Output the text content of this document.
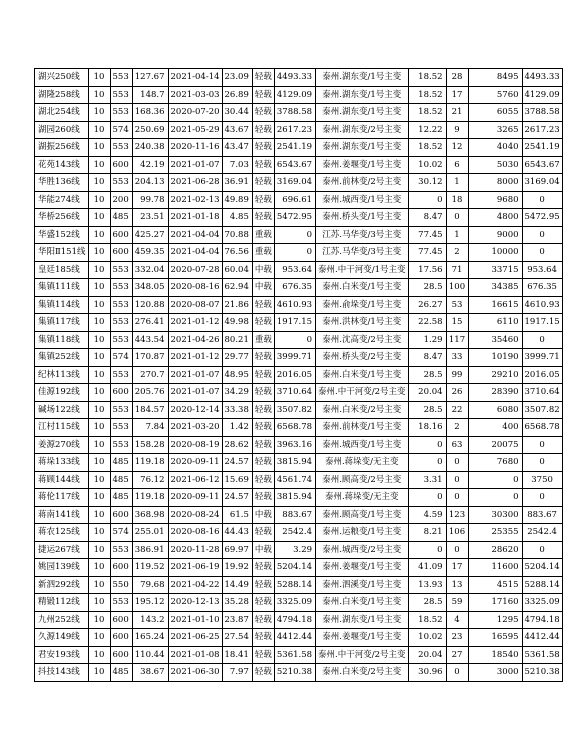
湖兴250线	10	553	127.67	2021-04-14	23.09	轻载	4493.33	泰州.湖东变/1号主变	18.52	28	8495	4493.33
湖隆258线	10	553	148.7	2021-03-03	26.89	轻载	4129.09	泰州.湖东变/1号主变	18.52	17	5760	4129.09
湖北254线	10	553	168.36	2020-07-20	30.44	轻载	3788.58	泰州.湖东变/1号主变	18.52	21	6055	3788.58
湖园260线	10	574	250.69	2021-05-29	43.67	轻载	2617.23	泰州.湖东变/2号主变	12.22	9	3265	2617.23
湖振256线	10	553	240.38	2020-11-16	43.47	轻载	2541.19	泰州.湖东变/1号主变	18.52	12	4040	2541.19
花苑143线	10	600	42.19	2021-01-07	7.03	轻载	6543.67	泰州.姜堰变/1号主变	10.02	6	5030	6543.67
华胜136线	10	553	204.13	2021-06-28	36.91	轻载	3169.04	泰州.前林变/2号主变	30.12	1	8000	3169.04
华能274线	10	200	99.78	2021-02-13	49.89	轻载	696.61	泰州.城西变/1号主变	0	18	9680	0
华桥256线	10	485	23.51	2021-01-18	4.85	轻载	5472.95	泰州.桥头变/1号主变	8.47	0	4800	5472.95
华盛152线	10	600	425.27	2021-04-04	70.88	重载	0	江苏.马华变/3号主变	77.45	1	9000	0
华阳Ⅱ151线	10	600	459.35	2021-04-04	76.56	重载	0	江苏.马华变/3号主变	77.45	2	10000	0
皇廷185线	10	553	332.04	2020-07-28	60.04	中载	953.64	泰州.中干河变/1号主变	17.56	71	33715	953.64
集镇111线	10	553	348.05	2020-08-16	62.94	中载	676.35	泰州.白米变/1号主变	28.5	100	34385	676.35
集镇114线	10	553	120.88	2020-08-07	21.86	轻载	4610.93	泰州.俞垛变/1号主变	26.27	53	16615	4610.93
集镇117线	10	553	276.41	2021-01-12	49.98	轻载	1917.15	泰州.洪林变/1号主变	22.58	15	6110	1917.15
集镇118线	10	553	443.54	2021-04-26	80.21	重载	0	泰州.沈高变/2号主变	1.29	117	35460	0
集镇252线	10	574	170.87	2021-01-12	29.77	轻载	3999.71	泰州.桥头变/2号主变	8.47	33	10190	3999.71
纪林113线	10	553	270.7	2021-01-07	48.95	轻载	2016.05	泰州.白米变/1号主变	28.5	99	29210	2016.05
佳源192线	10	600	205.76	2021-01-07	34.29	轻载	3710.64	泰州.中干河变/2号主变	20.04	26	28390	3710.64
碱场122线	10	553	184.57	2020-12-14	33.38	轻载	3507.82	泰州.白米变/2号主变	28.5	22	6080	3507.82
江村115线	10	553	7.84	2021-03-20	1.42	轻载	6568.78	泰州.前林变/1号主变	18.16	2	400	6568.78
姜源270线	10	553	158.28	2020-08-19	28.62	轻载	3963.16	泰州.城西变/1号主变	0	63	20075	0
蒋垛133线	10	485	119.18	2020-09-11	24.57	轻载	3815.94	泰州.蒋垛变/无主变	0	0	7680	0
蒋顾144线	10	485	76.12	2021-06-12	15.69	轻载	4561.74	泰州.顾高变/2号主变	3.31	0	0	3750
蒋伦117线	10	485	119.18	2020-09-11	24.57	轻载	3815.94	泰州.蒋垛变/无主变	0	0	0	0
蒋南141线	10	600	368.98	2020-08-24	61.5	中载	883.67	泰州.顾高变/1号主变	4.59	123	30300	883.67
蒋农125线	10	574	255.01	2020-08-16	44.43	轻载	2542.4	泰州.运粮变/1号主变	8.21	106	25355	2542.4
捷运267线	10	553	386.91	2020-11-28	69.97	中载	3.29	泰州.城西变/2号主变	0	0	28620	0
姚园139线	10	600	119.52	2021-06-19	19.92	轻载	5204.14	泰州.姜堰变/1号主变	41.09	17	11600	5204.14
新泗292线	10	550	79.68	2021-04-22	14.49	轻载	5288.14	泰州.泗溪变/1号主变	13.93	13	4515	5288.14
精锻112线	10	553	195.12	2020-12-13	35.28	轻载	3325.09	泰州.白米变/1号主变	28.5	59	17160	3325.09
九州252线	10	600	143.2	2021-01-10	23.87	轻载	4794.18	泰州.湖东变/1号主变	18.52	4	1295	4794.18
久源149线	10	600	165.24	2021-06-25	27.54	轻载	4412.44	泰州.姜堰变/1号主变	10.02	23	16595	4412.44
君安193线	10	600	110.44	2021-01-08	18.41	轻载	5361.58	泰州.中干河变/2号主变	20.04	27	18540	5361.58
抖技143线	10	485	38.67	2021-06-30	7.97	轻载	5210.38	泰州.白米变/2号主变	30.96	0	3000	5210.38
